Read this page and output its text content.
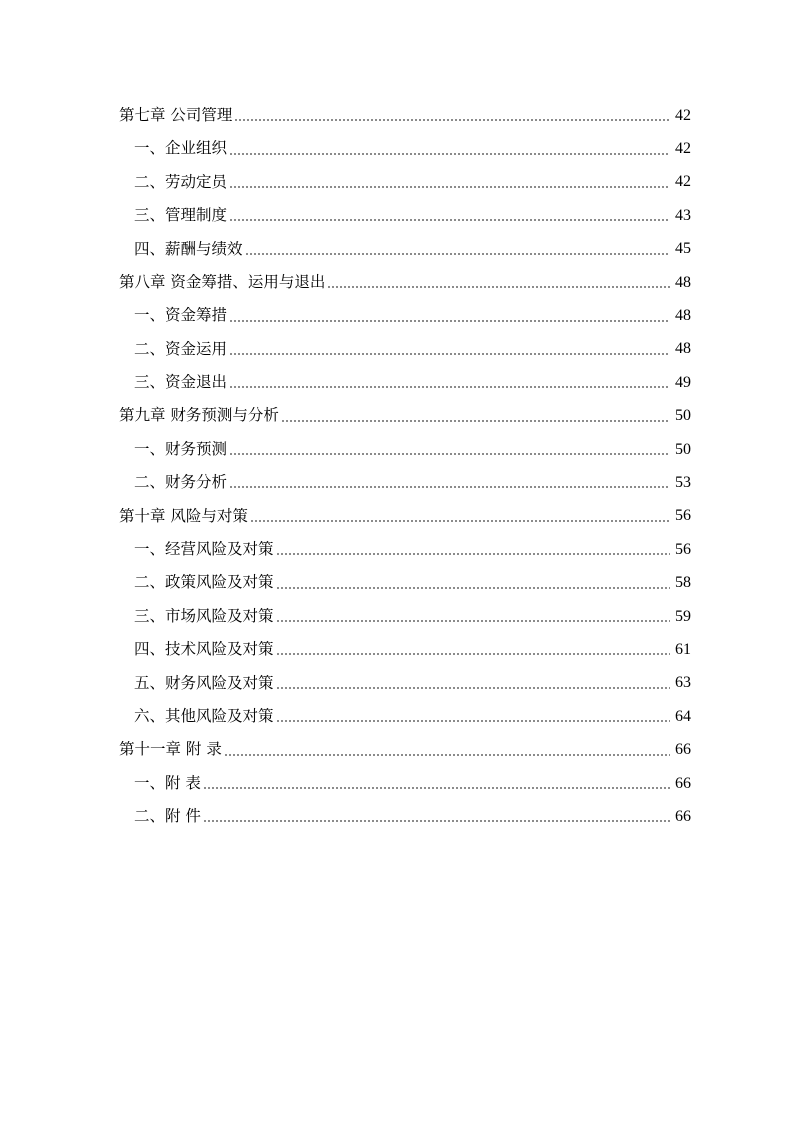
第七章 公司管理	42
一、企业组织	42
二、劳动定员	42
三、管理制度	43
四、薪酬与绩效	45
第八章 资金筹措、运用与退出	48
一、资金筹措	48
二、资金运用	48
三、资金退出	49
第九章 财务预测与分析	50
一、财务预测	50
二、财务分析	53
第十章 风险与对策	56
一、经营风险及对策	56
二、政策风险及对策	58
三、市场风险及对策	59
四、技术风险及对策	61
五、财务风险及对策	63
六、其他风险及对策	64
第十一章 附 录	66
一、附 表	66
二、附 件	66
